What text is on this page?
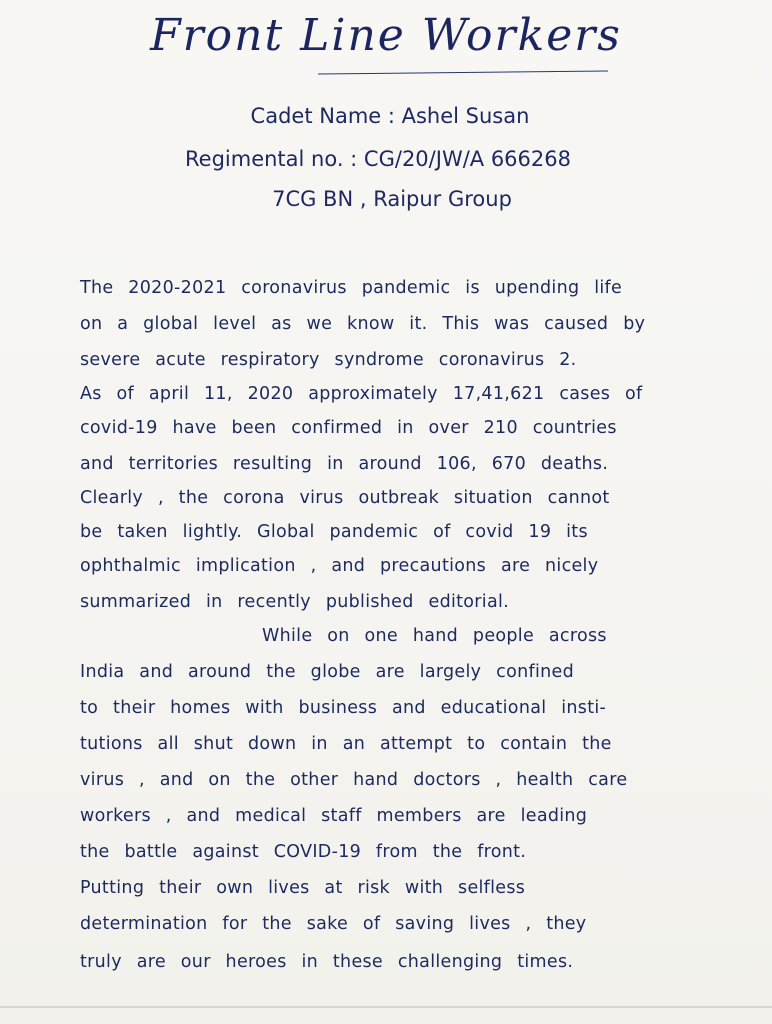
Front Line Workers
Cadet Name : Ashel Susan
Regimental no. : CG/20/JW/A 666268
7CG BN , Raipur Group
The 2020-2021 coronavirus pandemic is upending life
on a global level as we know it. This was caused by
severe acute respiratory syndrome coronavirus 2.
As of april 11, 2020 approximately 17,41,621 cases of
covid-19 have been confirmed in over 210 countries
and territories resulting in around 106, 670 deaths.
Clearly , the corona virus outbreak situation cannot
be taken lightly. Global pandemic of covid 19 its
ophthalmic implication , and precautions are nicely
summarized in recently published editorial.
While on one hand people across
India and around the globe are largely confined
to their homes with business and educational insti-
tutions all shut down in an attempt to contain the
virus , and on the other hand doctors , health care
workers , and medical staff members are leading
the battle against COVID-19 from the front.
Putting their own lives at risk with selfless
determination for the sake of saving lives , they
truly are our heroes in these challenging times.
